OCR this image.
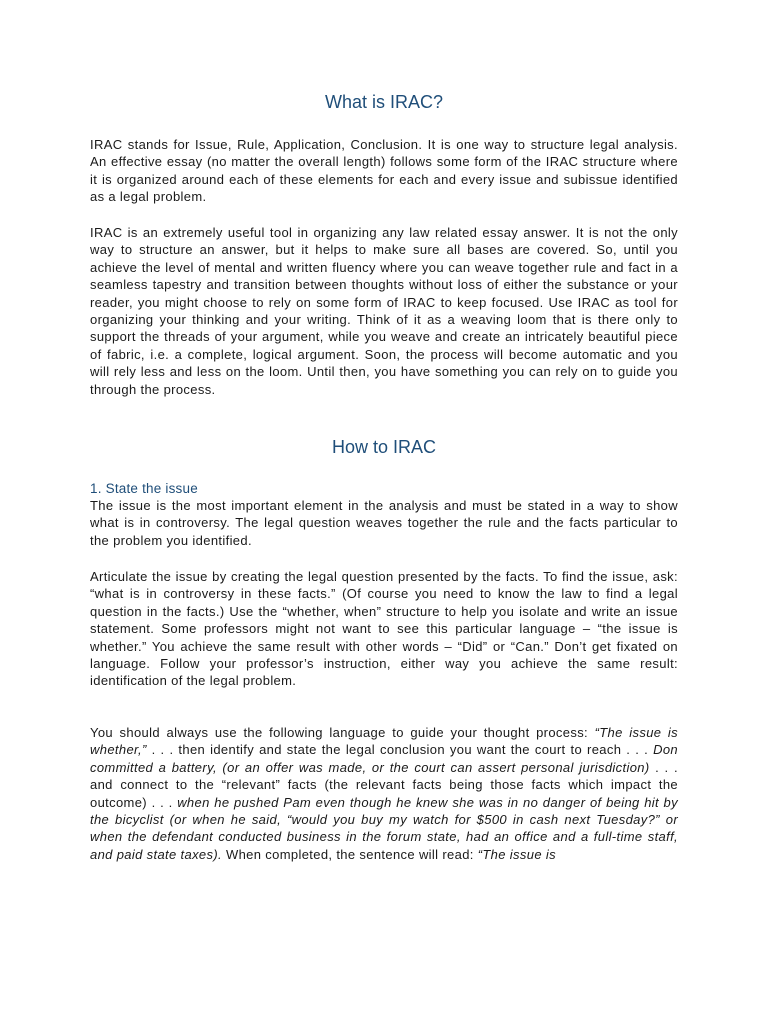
What is IRAC?

IRAC stands for Issue, Rule, Application, Conclusion. It is one way to structure legal analysis. An effective essay (no matter the overall length) follows some form of the IRAC structure where it is organized around each of these elements for each and every issue and subissue identified as a legal problem.

IRAC is an extremely useful tool in organizing any law related essay answer. It is not the only way to structure an answer, but it helps to make sure all bases are covered. So, until you achieve the level of mental and written fluency where you can weave together rule and fact in a seamless tapestry and transition between thoughts without loss of either the substance or your reader, you might choose to rely on some form of IRAC to keep focused. Use IRAC as tool for organizing your thinking and your writing. Think of it as a weaving loom that is there only to support the threads of your argument, while you weave and create an intricately beautiful piece of fabric, i.e. a complete, logical argument. Soon, the process will become automatic and you will rely less and less on the loom. Until then, you have something you can rely on to guide you through the process.

How to IRAC
1. State the issue

The issue is the most important element in the analysis and must be stated in a way to show what is in controversy. The legal question weaves together the rule and the facts particular to the problem you identified.

Articulate the issue by creating the legal question presented by the facts. To find the issue, ask: “what is in controversy in these facts.” (Of course you need to know the law to find a legal question in the facts.) Use the “whether, when” structure to help you isolate and write an issue statement. Some professors might not want to see this particular language – “the issue is whether.” You achieve the same result with other words – “Did” or “Can.” Don’t get fixated on language. Follow your professor’s instruction, either way you achieve the same result: identification of the legal problem.

You should always use the following language to guide your thought process: “The issue is whether,” . . . then identify and state the legal conclusion you want the court to reach . . . Don committed a battery, (or an offer was made, or the court can assert personal jurisdiction) . . . and connect to the “relevant” facts (the relevant facts being those facts which impact the outcome) . . . when he pushed Pam even though he knew she was in no danger of being hit by the bicyclist (or when he said, “would you buy my watch for $500 in cash next Tuesday?” or when the defendant conducted business in the forum state, had an office and a full-time staff, and paid state taxes). When completed, the sentence will read: “The issue is
